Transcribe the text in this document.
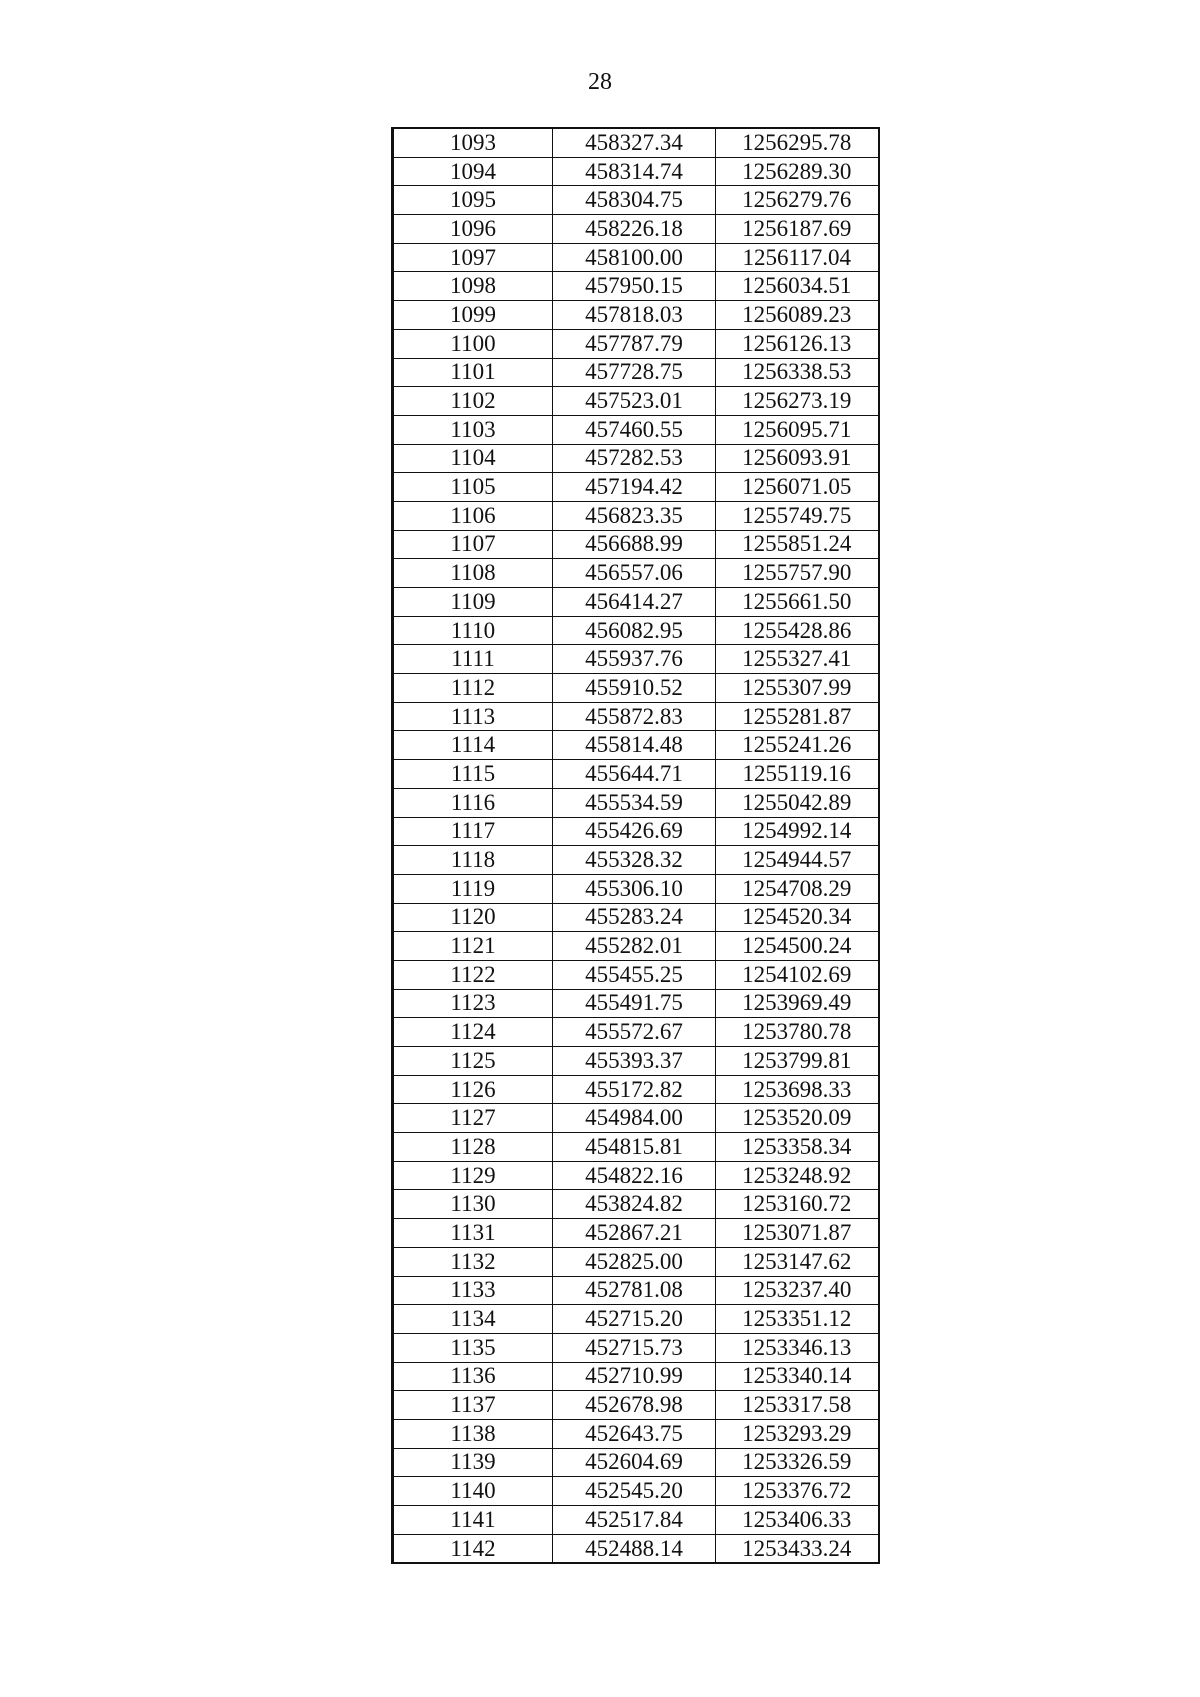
28
1093	458327.34	1256295.78
1094	458314.74	1256289.30
1095	458304.75	1256279.76
1096	458226.18	1256187.69
1097	458100.00	1256117.04
1098	457950.15	1256034.51
1099	457818.03	1256089.23
1100	457787.79	1256126.13
1101	457728.75	1256338.53
1102	457523.01	1256273.19
1103	457460.55	1256095.71
1104	457282.53	1256093.91
1105	457194.42	1256071.05
1106	456823.35	1255749.75
1107	456688.99	1255851.24
1108	456557.06	1255757.90
1109	456414.27	1255661.50
1110	456082.95	1255428.86
1111	455937.76	1255327.41
1112	455910.52	1255307.99
1113	455872.83	1255281.87
1114	455814.48	1255241.26
1115	455644.71	1255119.16
1116	455534.59	1255042.89
1117	455426.69	1254992.14
1118	455328.32	1254944.57
1119	455306.10	1254708.29
1120	455283.24	1254520.34
1121	455282.01	1254500.24
1122	455455.25	1254102.69
1123	455491.75	1253969.49
1124	455572.67	1253780.78
1125	455393.37	1253799.81
1126	455172.82	1253698.33
1127	454984.00	1253520.09
1128	454815.81	1253358.34
1129	454822.16	1253248.92
1130	453824.82	1253160.72
1131	452867.21	1253071.87
1132	452825.00	1253147.62
1133	452781.08	1253237.40
1134	452715.20	1253351.12
1135	452715.73	1253346.13
1136	452710.99	1253340.14
1137	452678.98	1253317.58
1138	452643.75	1253293.29
1139	452604.69	1253326.59
1140	452545.20	1253376.72
1141	452517.84	1253406.33
1142	452488.14	1253433.24
